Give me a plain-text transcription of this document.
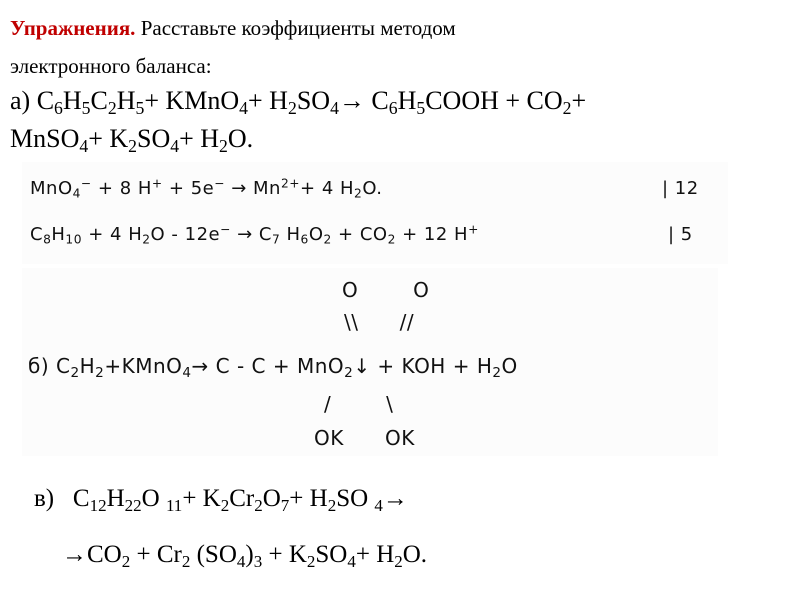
Упражнения. Расставьте коэффициенты методом
электронного баланса:
а) $C_6H_5C_2H_5+$ KMnO$_4$+ $H_2SO_4\to$ $C_6H_5COOH + CO_2+$
MnSO$_4$+ $K_2SO_4+ H_2O$.
MnO$_4$− + 8 $H^+ + 5e^- \to Mn^{2+}+ 4$ $H_2O$.	| 12
$C_8H_{10} + 4$ $H_2O - 12e^- \to C_7$ $H_6O_2 + CO_2 + 12$ H+	| 5
O        O
\\      //
б) $C_2H_2+KMnO_4\to C - C$ + MnO$_2$↓ + KOH + $H_2O$
/        \
OK      OK
в)   $C_{12}H_{22}O$ $_{11}+ K_2Cr_2O_7+ H_2SO$ $_4$→
$\to CO_2 + Cr_2$ $(SO_4)_3 + K_2SO_4+ H_2O$.
